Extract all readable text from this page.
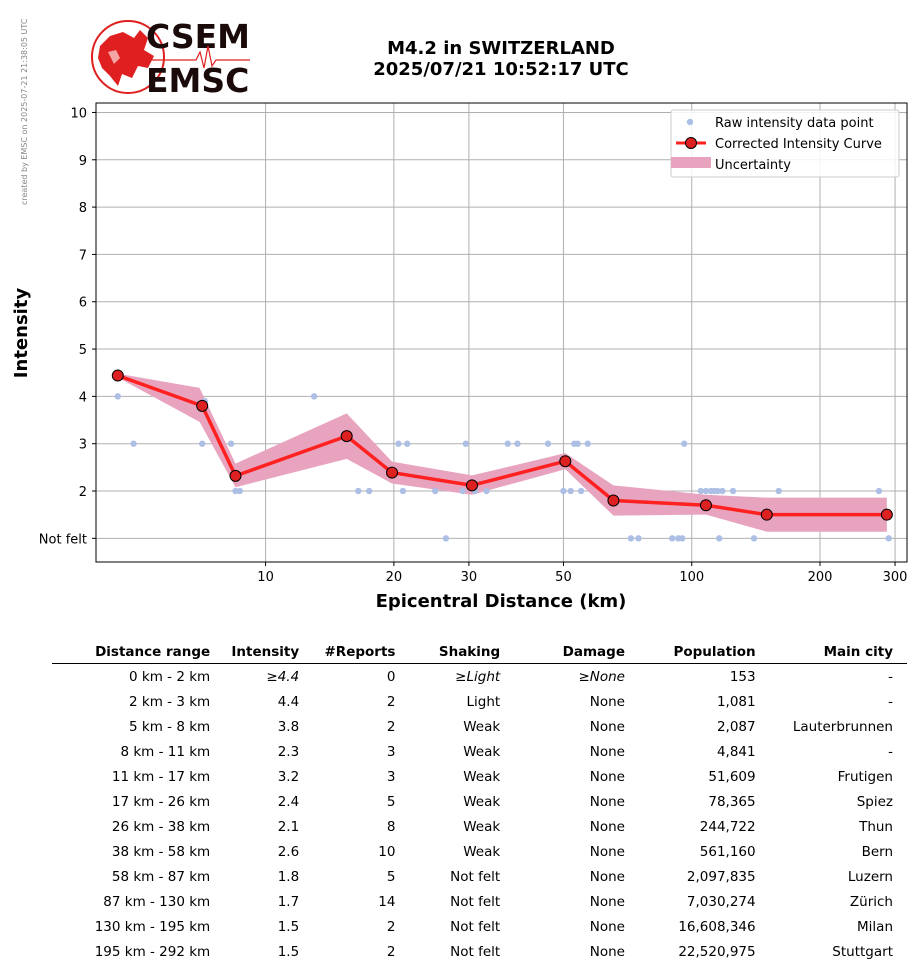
created by EMSC on 2025-07-21 21:38:05 UTC	CSEM
EMSC
M4.2 in SWITZERLAND
2025/07/21 10:52:17 UTC
10	20	30	50	100	200	300
Not felt
2
3
4
5
6
7
8
9
10
Epicentral Distance (km)
Intensity
Raw intensity data point
Corrected Intensity Curve
Uncertainty
Distance range	Intensity	#Reports	Shaking	Damage	Population	Main city
0 km - 2 km	≥4.4	0	≥Light	≥None	153	-
2 km - 3 km	4.4	2	Light	None	1,081	-
5 km - 8 km	3.8	2	Weak	None	2,087	Lauterbrunnen
8 km - 11 km	2.3	3	Weak	None	4,841	-
11 km - 17 km	3.2	3	Weak	None	51,609	Frutigen
17 km - 26 km	2.4	5	Weak	None	78,365	Spiez
26 km - 38 km	2.1	8	Weak	None	244,722	Thun
38 km - 58 km	2.6	10	Weak	None	561,160	Bern
58 km - 87 km	1.8	5	Not felt	None	2,097,835	Luzern
87 km - 130 km	1.7	14	Not felt	None	7,030,274	Zürich
130 km - 195 km	1.5	2	Not felt	None	16,608,346	Milan
195 km - 292 km	1.5	2	Not felt	None	22,520,975	Stuttgart
